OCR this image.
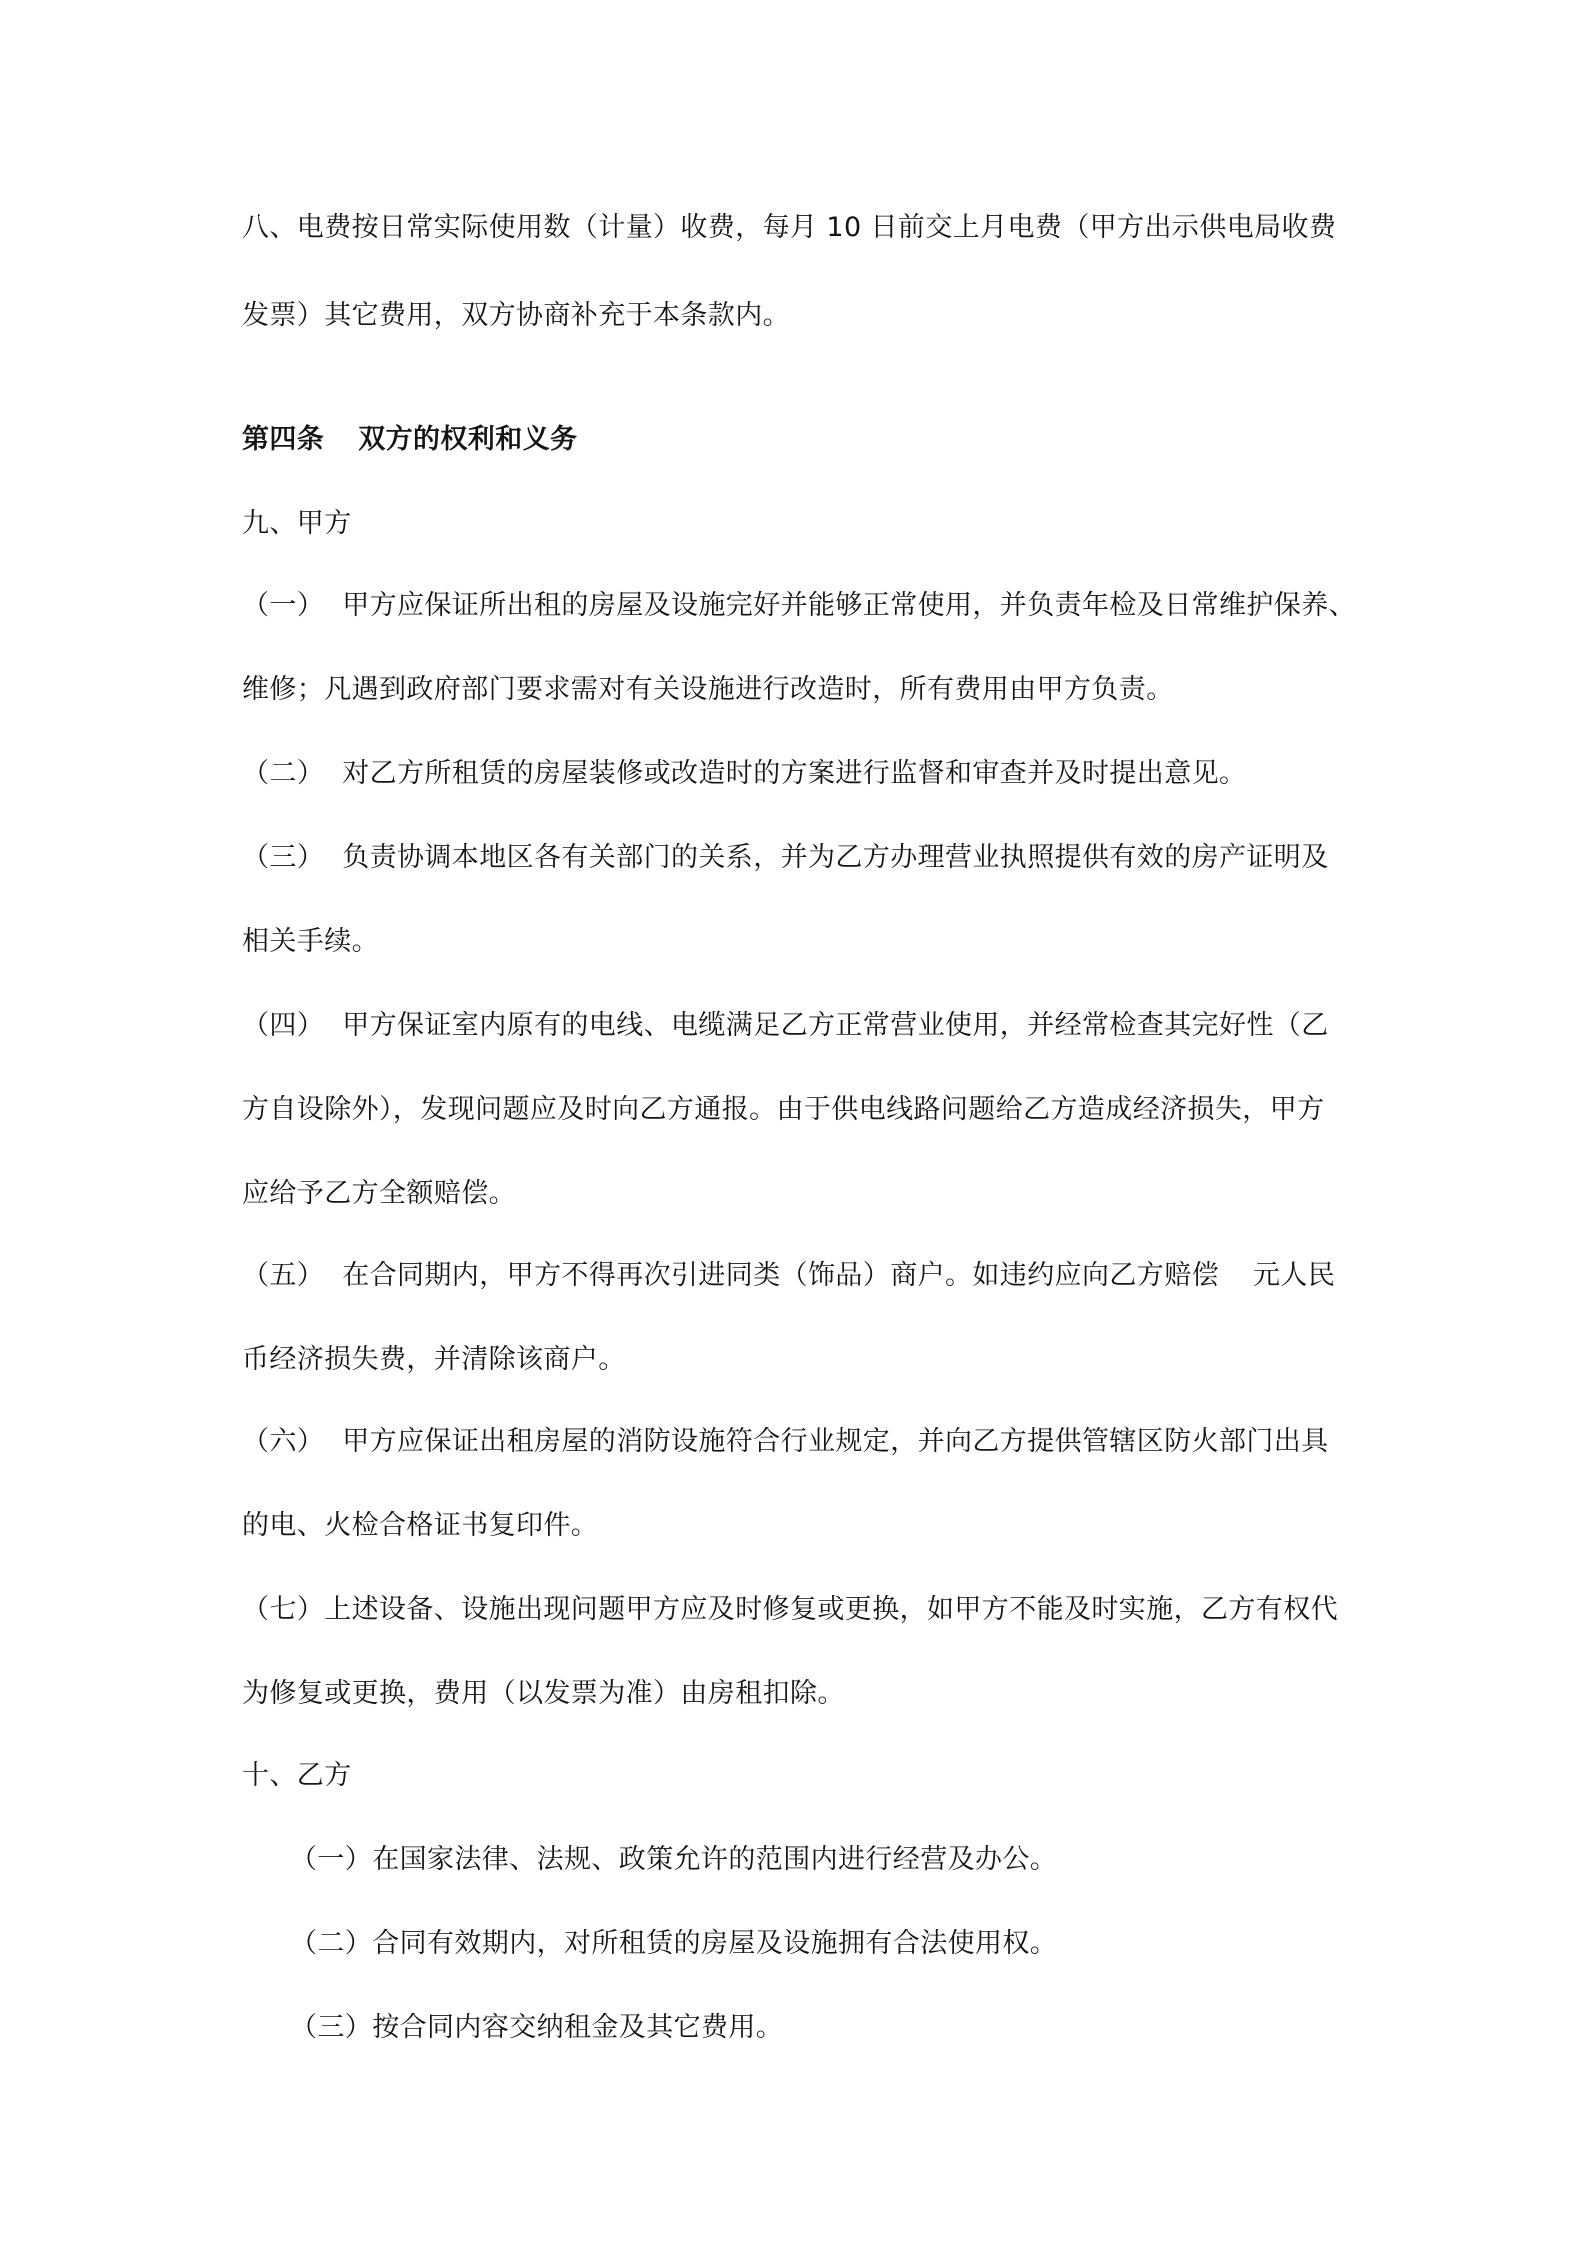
八、电费按日常实际使用数（计量）收费，每月 10 日前交上月电费（甲方出示供电局收费

发票）其它费用，双方协商补充于本条款内。

第四条 双方的权利和义务

九、甲方

（一） 甲方应保证所出租的房屋及设施完好并能够正常使用，并负责年检及日常维护保养、

维修；凡遇到政府部门要求需对有关设施进行改造时，所有费用由甲方负责。

（二） 对乙方所租赁的房屋装修或改造时的方案进行监督和审查并及时提出意见。

（三） 负责协调本地区各有关部门的关系，并为乙方办理营业执照提供有效的房产证明及

相关手续。

（四） 甲方保证室内原有的电线、电缆满足乙方正常营业使用，并经常检查其完好性（乙

方自设除外），发现问题应及时向乙方通报。由于供电线路问题给乙方造成经济损失，甲方

应给予乙方全额赔偿。

（五） 在合同期内，甲方不得再次引进同类（饰品）商户。如违约应向乙方赔偿 元人民

币经济损失费，并清除该商户。

（六） 甲方应保证出租房屋的消防设施符合行业规定，并向乙方提供管辖区防火部门出具

的电、火检合格证书复印件。

（七）上述设备、设施出现问题甲方应及时修复或更换，如甲方不能及时实施，乙方有权代

为修复或更换，费用（以发票为准）由房租扣除。

十、乙方

（一）在国家法律、法规、政策允许的范围内进行经营及办公。

（二）合同有效期内，对所租赁的房屋及设施拥有合法使用权。

（三）按合同内容交纳租金及其它费用。
